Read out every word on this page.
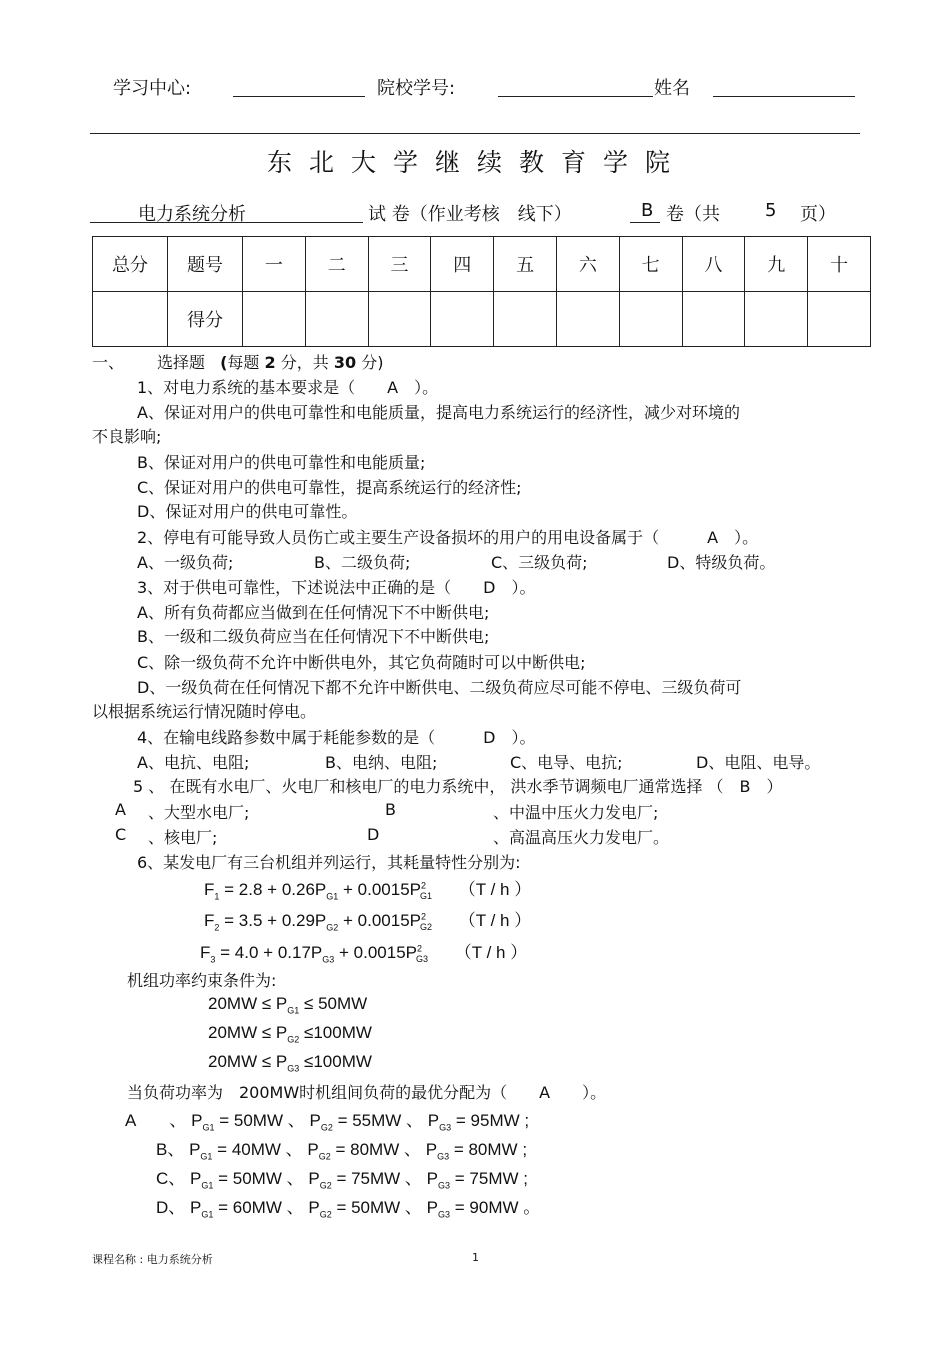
学习中心:	院校学号:	姓名
东北大学继续教育学院
电力系统分析	试 卷（作业考核　线下）	B 卷（共	5 页）
总分	题号	一	二	三	四	五	六	七	八	九	十
	得分										
一、 选择题 (每题 2 分，共 30 分)
1、对电力系统的基本要求是（　　A　）。
A、保证对用户的供电可靠性和电能质量，提高电力系统运行的经济性，减少对环境的
不良影响;
B、保证对用户的供电可靠性和电能质量;
C、保证对用户的供电可靠性，提高系统运行的经济性;
D、保证对用户的供电可靠性。
2、停电有可能导致人员伤亡或主要生产设备损坏的用户的用电设备属于（　　　A　）。
A、一级负荷;	B、二级负荷;	C、三级负荷;	D、特级负荷。
3、对于供电可靠性，下述说法中正确的是（　　D　）。
A、所有负荷都应当做到在任何情况下不中断供电;
B、一级和二级负荷应当在任何情况下不中断供电;
C、除一级负荷不允许中断供电外，其它负荷随时可以中断供电;
D、一级负荷在任何情况下都不允许中断供电、二级负荷应尽可能不停电、三级负荷可
以根据系统运行情况随时停电。
4、在输电线路参数中属于耗能参数的是（　　　D　）。
A、电抗、电阻;	B、电纳、电阻;	C、电导、电抗;	D、电阻、电导。
5 、 在既有水电厂、火电厂和核电厂的电力系统中， 洪水季节调频电厂通常选择 （　B　）
A 、大型水电厂;	B	、中温中压火力发电厂;
C 、核电厂;	D	、高温高压火力发电厂。
6、某发电厂有三台机组并列运行，其耗量特性分别为:
$F_1 = 2.8 + 0.26P_{G1} + 0.0015P^2_{G1}$ （T / h ）
$F_2 = 3.5 + 0.29P_{G2} + 0.0015P^2_{G2}$ （T / h ）
$F_3 = 4.0 + 0.17P_{G3} + 0.0015P^2_{G3}$ （T / h ）
机组功率约束条件为:
$20MW \le P_{G1} \le 50MW$
$20MW \le P_{G2} \le 100MW$
$20MW \le P_{G3} \le 100MW$
当负荷功率为　200MW时机组间负荷的最优分配为（　　A　　）。
A　　、 $P_{G1} = 50MW$ 、 $P_{G2} = 55MW$ 、 $P_{G3} = 95MW$ ;
B、 $P_{G1} = 40MW$ 、 $P_{G2} = 80MW$ 、 $P_{G3} = 80MW$ ;
C、 $P_{G1} = 50MW$ 、 $P_{G2} = 75MW$ 、 $P_{G3} = 75MW$ ;
D、 $P_{G1} = 60MW$ 、 $P_{G2} = 50MW$ 、 $P_{G3} = 90MW$ 。
课程名称 : 电力系统分析	1
